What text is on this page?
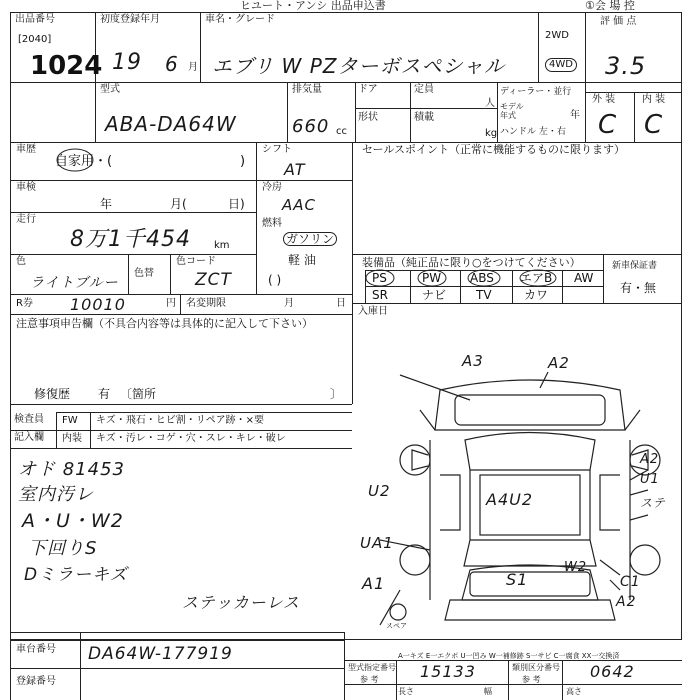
ヒユート・アンシ 出品申込書	①会 場 控
出品番号
[2040]
1024
初度登録年月
19 6 月
車名・グレード
エブリ W PZターボスペシャル
2WD
4WD
評 価 点
3.5
型式
ABA-DA64W
排気量
660 cc
ドア
形状
定員
人
積載
kg
ディーラー・並行
モデル年式	年
ハンドル 左・右
外 装	内 装
C C
車歴
自家用・(	)
車検
年	月(	日)
走行
8万1千454 km
色
ライトブルー
色替
色コード
ZCT
R券 10010	円 名変期限	月	日
シフト
AT
冷房
AAC
燃料
ガソリン
軽 油
( )
セールスポイント（正常に機能するものに限ります）
装備品（純正品に限り○をつけてください）
PS	PW ABS エアB AW
SR	ナビ TV	カワ
新車保証書
有・無
入庫日
注意事項申告欄（不具合内容等は具体的に記入して下さい）
修復歴 有 〔箇所	〕
検査員
記入欄
FW キズ・飛石・ヒビ割・リペア跡・×要
内装 キズ・汚レ・コゲ・穴・スレ・キレ・破レ
オド 81453
室内汚レ
A・U・W2
下回りS
Dミラーキズ
ステッカーレス
A3	A2
A2
U1
A4U2
U2
ステ
UA1
W2
S1
A1	C1
A2
スペア
A一キズ E一エクボ U一凹み W一補修跡 S一サビ C一腐食 XX一交換済
車台番号 DA64W-177919
登録番号
型式指定番号
参 考	15133	類別区分番号
参 考	0642
長さ	幅	高さ
